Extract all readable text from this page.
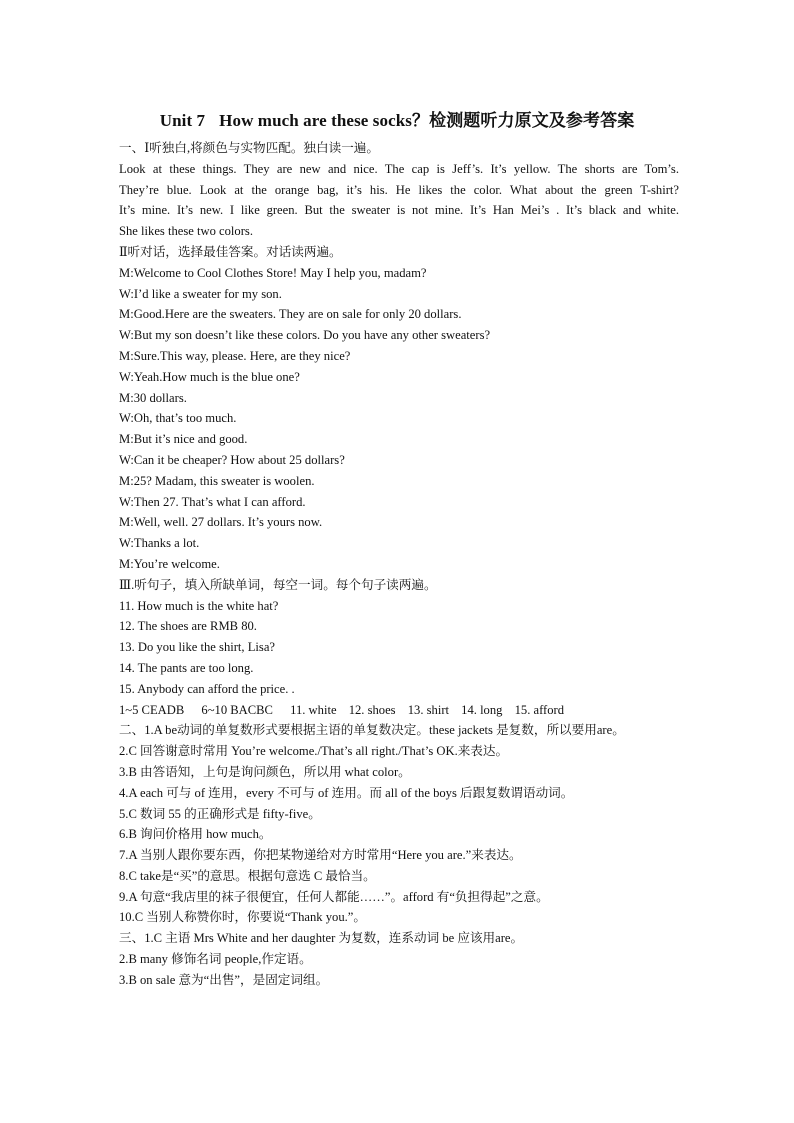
Unit 7 How much are these socks？检测题听力原文及参考答案
一、Ⅰ听独白,将颜色与实物匹配。独白读一遍。
Look at these things. They are new and nice. The cap is Jeff’s. It’s yellow. The shorts are Tom’s.
They’re blue. Look at the orange bag, it’s his. He likes the color. What about the green T-shirt?
It’s mine. It’s new. I like green. But the sweater is not mine. It’s Han Mei’s . It’s black and white.
She likes these two colors.
Ⅱ听对话，选择最佳答案。对话读两遍。
M:Welcome to Cool Clothes Store! May I help you, madam?
W:I’d like a sweater for my son.
M:Good.Here are the sweaters. They are on sale for only 20 dollars.
W:But my son doesn’t like these colors. Do you have any other sweaters?
M:Sure.This way, please. Here, are they nice?
W:Yeah.How much is the blue one?
M:30 dollars.
W:Oh, that’s too much.
M:But it’s nice and good.
W:Can it be cheaper? How about 25 dollars?
M:25? Madam, this sweater is woolen.
W:Then 27. That’s what I can afford.
M:Well, well. 27 dollars. It’s yours now.
W:Thanks a lot.
M:You’re welcome.
Ⅲ.听句子，填入所缺单词，每空一词。每个句子读两遍。
11. How much is the white hat?
12. The shoes are RMB 80.
13. Do you like the shirt, Lisa?
14. The pants are too long.
15. Anybody can afford the price. .
1~5 CEADB 6~10 BACBC 11. white 12. shoes 13. shirt 14. long 15. afford
二、1.A be动词的单复数形式要根据主语的单复数决定。these jackets 是复数，所以要用are。
2.C 回答谢意时常用 You’re welcome./That’s all right./That’s OK.来表达。
3.B 由答语知，上句是询问颜色，所以用 what color。
4.A each 可与 of 连用，every 不可与 of 连用。而 all of the boys 后跟复数谓语动词。
5.C 数词 55 的正确形式是 fifty-five。
6.B 询问价格用 how much。
7.A 当别人跟你要东西，你把某物递给对方时常用“Here you are.”来表达。
8.C take是“买”的意思。根据句意选 C 最恰当。
9.A 句意“我店里的袜子很便宜，任何人都能……”。afford 有“负担得起”之意。
10.C 当别人称赞你时，你要说“Thank you.”。
三、1.C 主语 Mrs White and her daughter 为复数，连系动词 be 应该用are。
2.B many 修饰名词 people,作定语。
3.B on sale 意为“出售”，是固定词组。
